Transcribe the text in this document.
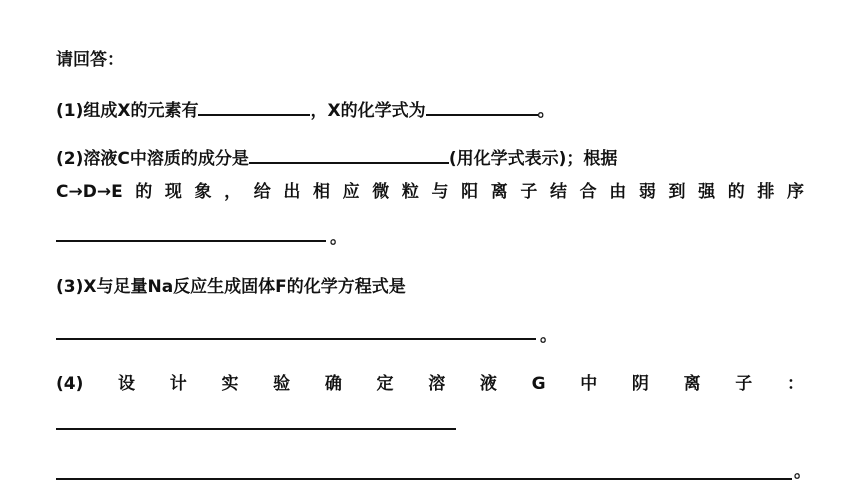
请回答：
(1)组成X的元素有	，X的化学式为	。
(2)溶液C中溶质的成分是	(用化学式表示)；根据
C→D→E的现象，给出相应微粒与阳离子结合由弱到强的排序
。
(3)X与足量Na反应生成固体F的化学方程式是
。
(4)设计实验确定溶液G中阴离子：
。
